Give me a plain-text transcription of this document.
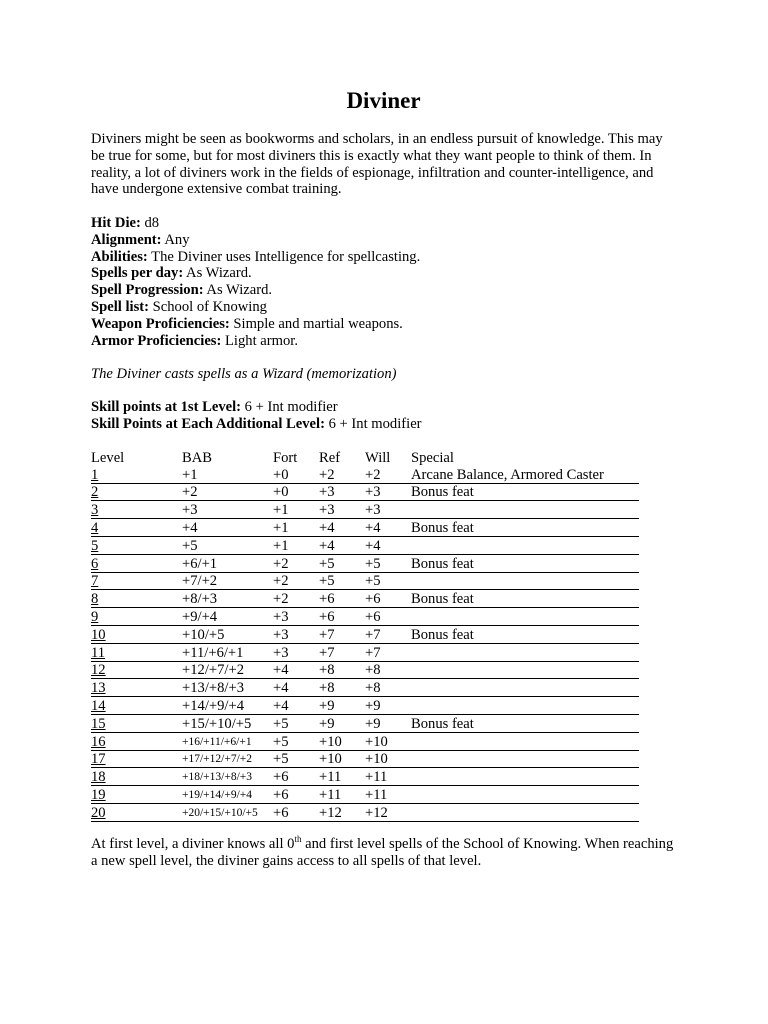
Diviner

Diviners might be seen as bookworms and scholars, in an endless pursuit of knowledge. This may be true for some, but for most diviners this is exactly what they want people to think of them. In reality, a lot of diviners work in the fields of espionage, infiltration and counter-intelligence, and have undergone extensive combat training.

Hit Die: d8
Alignment: Any
Abilities: The Diviner uses Intelligence for spellcasting.
Spells per day: As Wizard.
Spell Progression: As Wizard.
Spell list: School of Knowing
Weapon Proficiencies: Simple and martial weapons.
Armor Proficiencies: Light armor.
The Diviner casts spells as a Wizard (memorization)
Skill points at 1st Level: 6 + Int modifier
Skill Points at Each Additional Level: 6 + Int modifier
Level	BAB	Fort	Ref	Will	Special
1	+1	+0	+2	+2	Arcane Balance, Armored Caster
2	+2	+0	+3	+3	Bonus feat
3	+3	+1	+3	+3	
4	+4	+1	+4	+4	Bonus feat
5	+5	+1	+4	+4	
6	+6/+1	+2	+5	+5	Bonus feat
7	+7/+2	+2	+5	+5	
8	+8/+3	+2	+6	+6	Bonus feat
9	+9/+4	+3	+6	+6	
10	+10/+5	+3	+7	+7	Bonus feat
11	+11/+6/+1	+3	+7	+7	
12	+12/+7/+2	+4	+8	+8	
13	+13/+8/+3	+4	+8	+8	
14	+14/+9/+4	+4	+9	+9	
15	+15/+10/+5	+5	+9	+9	Bonus feat
16	+16/+11/+6/+1	+5	+10	+10	
17	+17/+12/+7/+2	+5	+10	+10	
18	+18/+13/+8/+3	+6	+11	+11	
19	+19/+14/+9/+4	+6	+11	+11	
20	+20/+15/+10/+5	+6	+12	+12	

At first level, a diviner knows all 0th and first level spells of the School of Knowing. When reaching a new spell level, the diviner gains access to all spells of that level.
